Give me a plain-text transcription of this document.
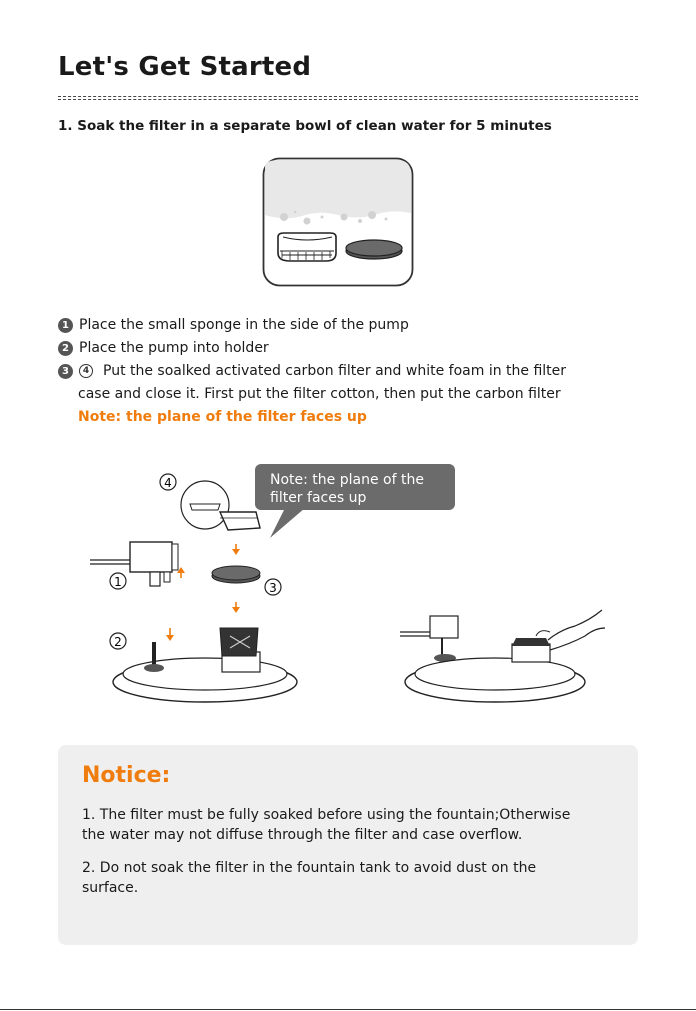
Let's Get Started

1. Soak the filter in a separate bowl of clean water for 5 minutes

1 Place the small sponge in the side of the pump
2 Place the pump into holder
3	4 Put the soalked activated carbon filter and white foam in the filter
case and close it. First put the filter cotton, then put the carbon filter
Note: the plane of the filter faces up
Note: the plane of the
filter faces up
4
1	3
2
Notice:

1. The filter must be fully soaked before using the fountain;Otherwise
the water may not diffuse through the filter and case overflow.

2. Do not soak the filter in the fountain tank to avoid dust on the
surface.
